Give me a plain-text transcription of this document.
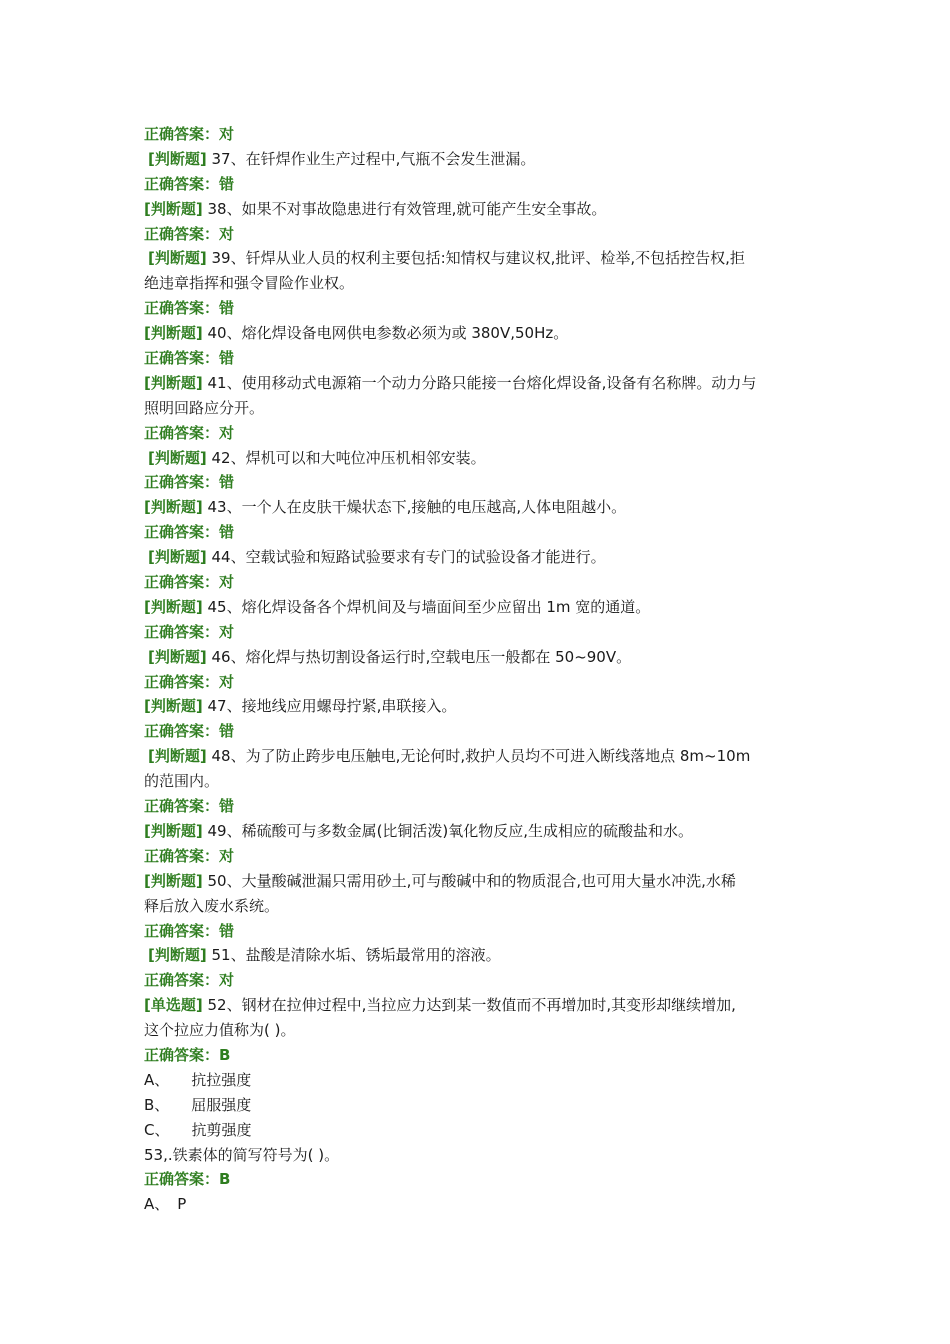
正确答案：对
[判断题] 37、在钎焊作业生产过程中,气瓶不会发生泄漏。
正确答案：错
[判断题] 38、如果不对事故隐患进行有效管理,就可能产生安全事故。
正确答案：对
[判断题] 39、钎焊从业人员的权利主要包括:知情权与建议权,批评、检举,不包括控告权,拒
绝违章指挥和强令冒险作业权。
正确答案：错
[判断题] 40、熔化焊设备电网供电参数必须为或 380V,50Hz。
正确答案：错
[判断题] 41、使用移动式电源箱一个动力分路只能接一台熔化焊设备,设备有名称牌。动力与
照明回路应分开。
正确答案：对
[判断题] 42、焊机可以和大吨位冲压机相邻安装。
正确答案：错
[判断题] 43、一个人在皮肤干燥状态下,接触的电压越高,人体电阻越小。
正确答案：错
[判断题] 44、空载试验和短路试验要求有专门的试验设备才能进行。
正确答案：对
[判断题] 45、熔化焊设备各个焊机间及与墙面间至少应留出 1m 宽的通道。
正确答案：对
[判断题] 46、熔化焊与热切割设备运行时,空载电压一般都在 50~90V。
正确答案：对
[判断题] 47、接地线应用螺母拧紧,串联接入。
正确答案：错
[判断题] 48、为了防止跨步电压触电,无论何时,救护人员均不可进入断线落地点 8m~10m
的范围内。
正确答案：错
[判断题] 49、稀硫酸可与多数金属(比铜活泼)氧化物反应,生成相应的硫酸盐和水。
正确答案：对
[判断题] 50、大量酸碱泄漏只需用砂土,可与酸碱中和的物质混合,也可用大量水冲洗,水稀
释后放入废水系统。
正确答案：错
[判断题] 51、盐酸是清除水垢、锈垢最常用的溶液。
正确答案：对
[单选题] 52、钢材在拉伸过程中,当拉应力达到某一数值而不再增加时,其变形却继续增加,
这个拉应力值称为( )。
正确答案：B
A、 抗拉强度
B、 屈服强度
C、 抗剪强度
53,.铁素体的简写符号为( )。
正确答案：B
A、 P
